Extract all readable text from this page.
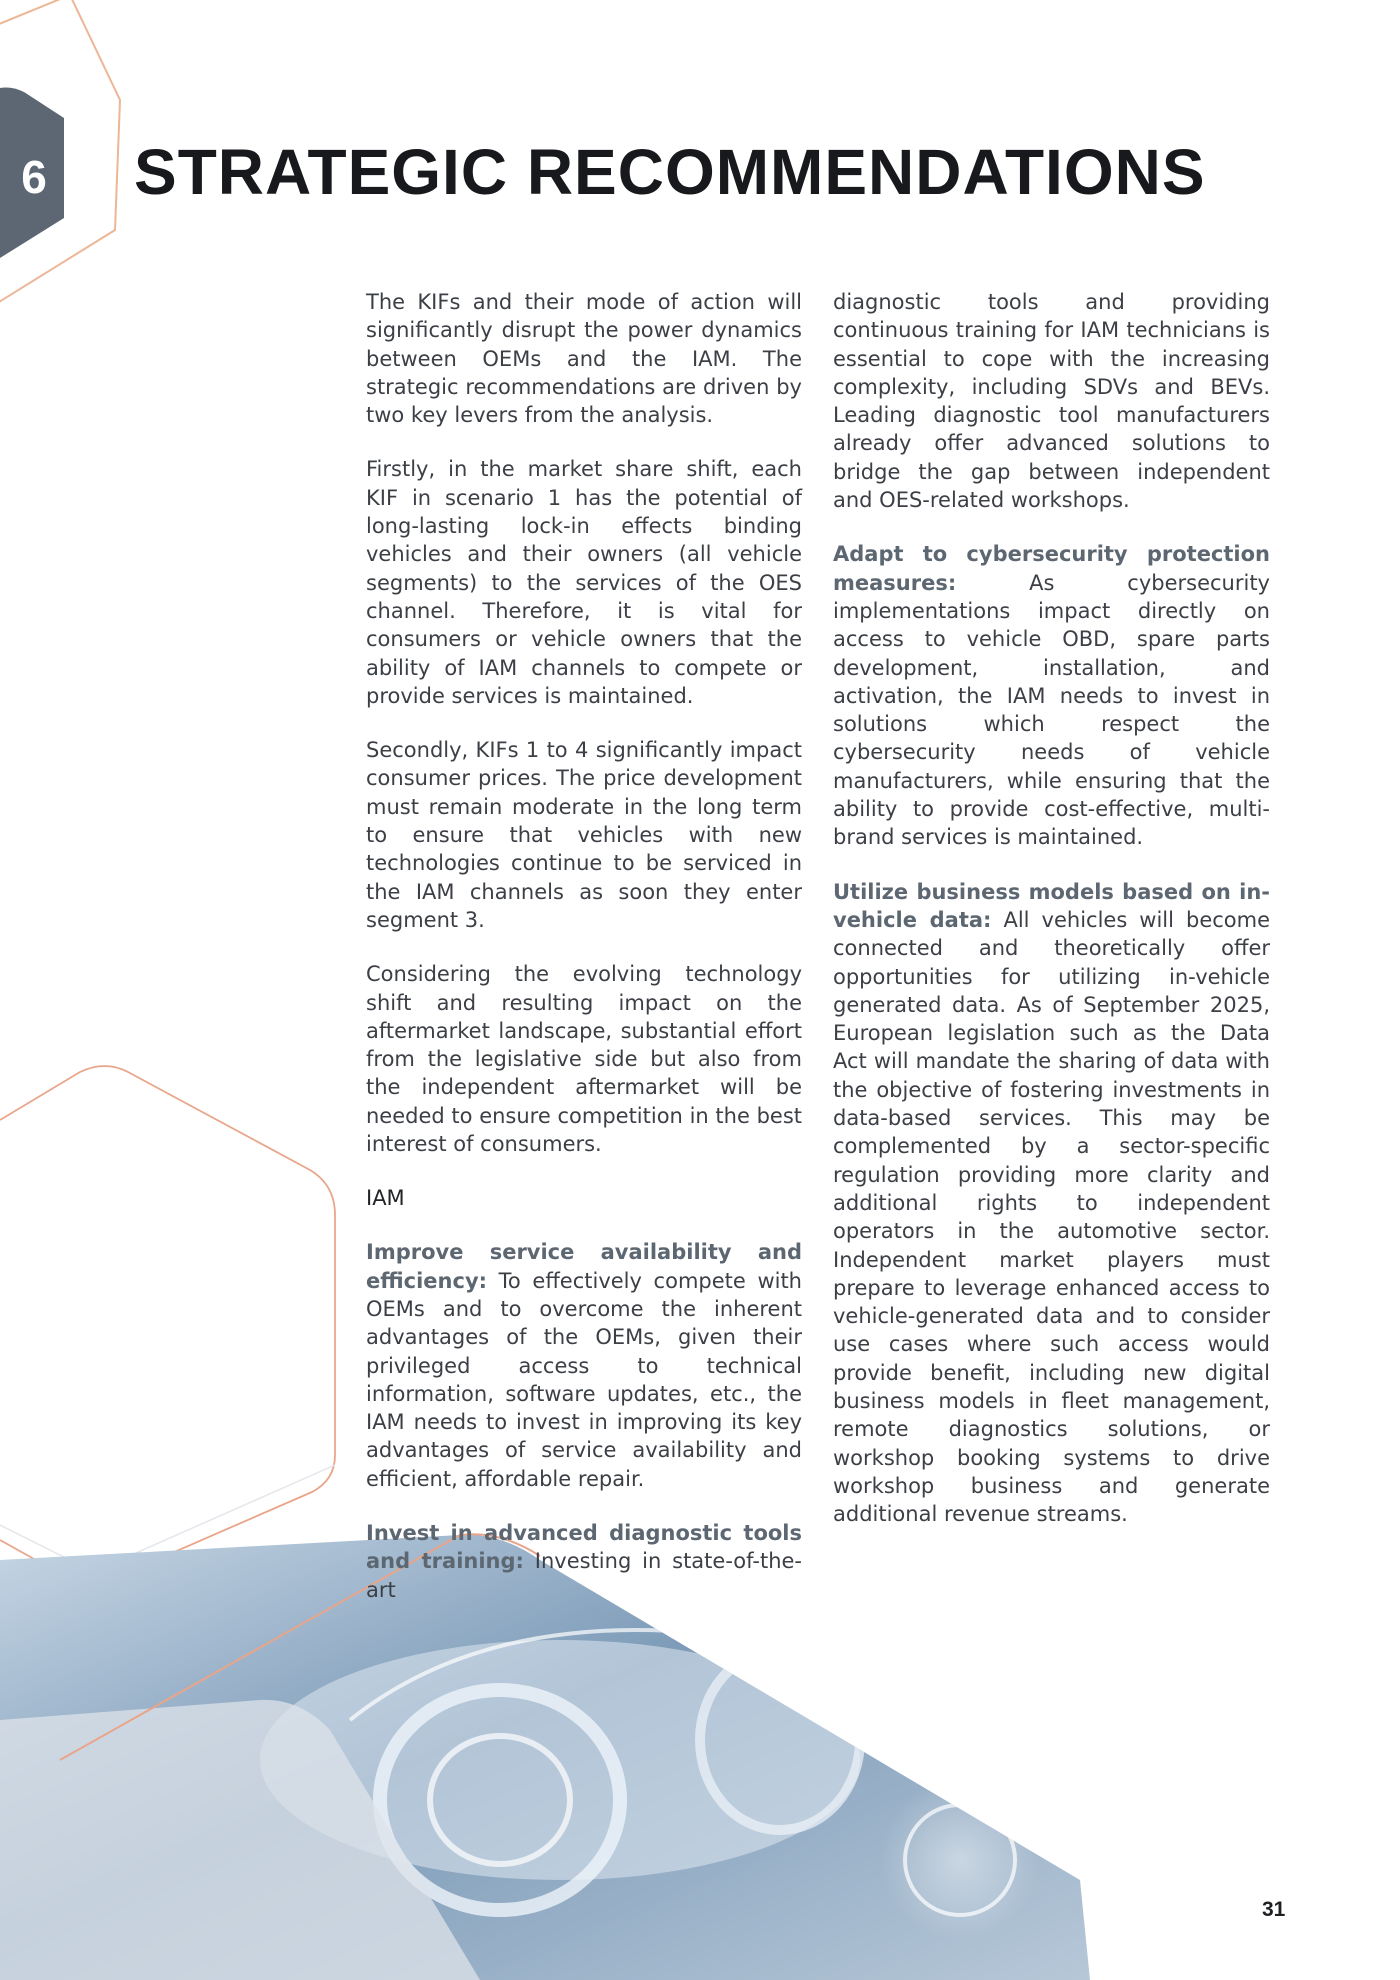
6 STRATEGIC RECOMMENDATIONS

The KIFs and their mode of action will significantly disrupt the power dynamics between OEMs and the IAM. The strategic recommendations are driven by two key levers from the analysis.

Firstly, in the market share shift, each KIF in scenario 1 has the potential of long-lasting lock-in effects binding vehicles and their owners (all vehicle segments) to the services of the OES channel. Therefore, it is vital for consumers or vehicle owners that the ability of IAM channels to compete or provide services is maintained.

Secondly, KIFs 1 to 4 significantly impact consumer prices. The price development must remain moderate in the long term to ensure that vehicles with new technologies continue to be serviced in the IAM channels as soon they enter segment 3.

Considering the evolving technology shift and resulting impact on the aftermarket landscape, substantial effort from the legislative side but also from the independent aftermarket will be needed to ensure competition in the best interest of consumers.

IAM

Improve service availability and efficiency: To effectively compete with OEMs and to overcome the inherent advantages of the OEMs, given their privileged access to technical information, software updates, etc., the IAM needs to invest in improving its key advantages of service availability and efficient, affordable repair.

Invest in advanced diagnostic tools and training: Investing in state-of-the-art

diagnostic tools and providing continuous training for IAM technicians is essential to cope with the increasing complexity, including SDVs and BEVs. Leading diagnostic tool manufacturers already offer advanced solutions to bridge the gap between independent and OES-related workshops.

Adapt to cybersecurity protection measures: As cybersecurity implementations impact directly on access to vehicle OBD, spare parts development, installation, and activation, the IAM needs to invest in solutions which respect the cybersecurity needs of vehicle manufacturers, while ensuring that the ability to provide cost-effective, multi-brand services is maintained.

Utilize business models based on in-vehicle data: All vehicles will become connected and theoretically offer opportunities for utilizing in-vehicle generated data. As of September 2025, European legislation such as the Data Act will mandate the sharing of data with the objective of fostering investments in data-based services. This may be complemented by a sector-specific regulation providing more clarity and additional rights to independent operators in the automotive sector. Independent market players must prepare to leverage enhanced access to vehicle-generated data and to consider use cases where such access would provide benefit, including new digital business models in fleet management, remote diagnostics solutions, or workshop booking systems to drive workshop business and generate additional revenue streams.

31
